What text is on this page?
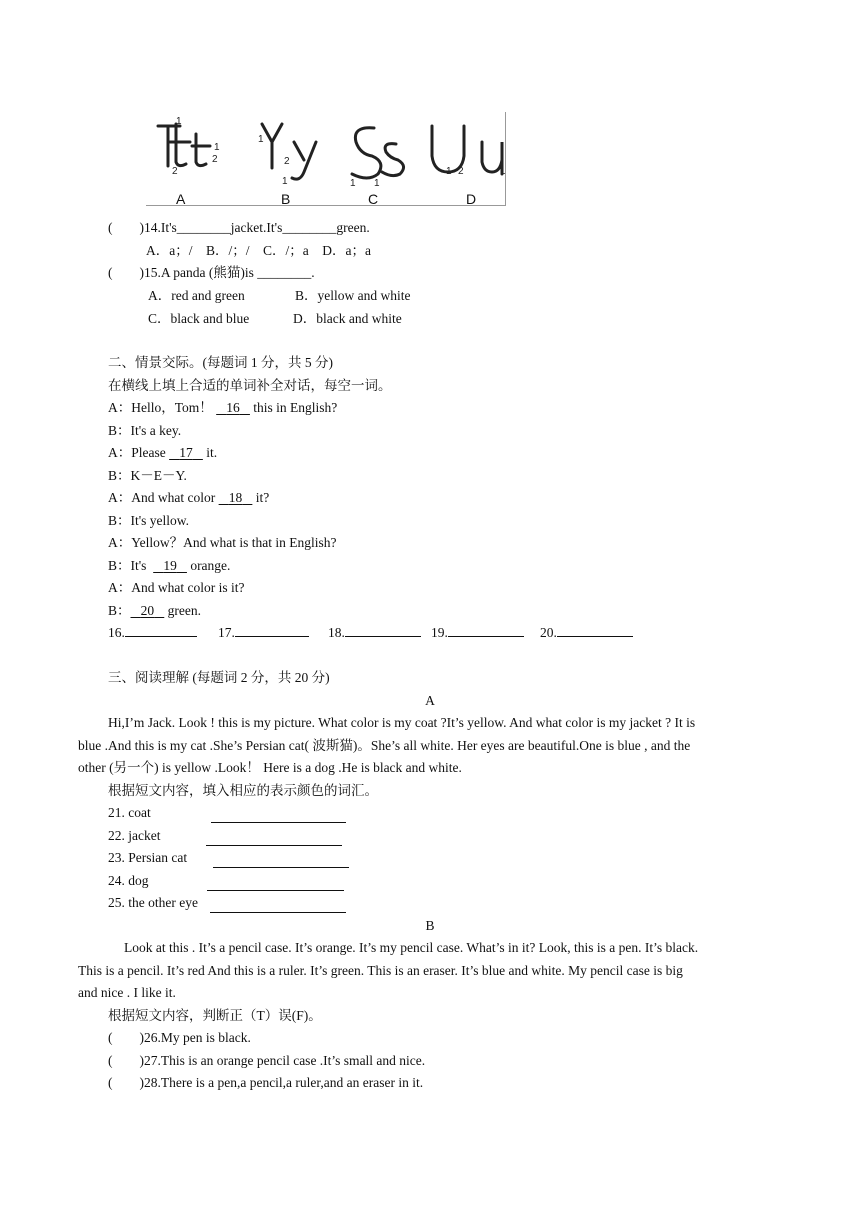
1
2
1
2
1
2
1	1 1
1 2	1
A	B	C	D
(　　)14.It's________jacket.It's________green.
A．a；/　B．/；/　C．/；a　D．a；a
(　　)15.A panda (熊猫)is ________.
A．red and green	B．yellow and white
C．black and blue	D．black and white
二、情景交际。(每题词 1 分，共 5 分)
在横线上填上合适的单词补全对话，每空一词。
A：Hello，Tom！ 16 this in English?
B：It's a key.
A：Please 17 it.
B：K－E－Y.
A：And what color 18 it?
B：It's yellow.
A：Yellow？And what is that in English?
B：It's 19 orange.
A：And what color is it?
B： 20 green.
16.	17.	18.	19.	20.
三、阅读理解 (每题词 2 分，共 20 分)
A
Hi,I’m Jack. Look ! this is my picture. What color is my coat ?It’s yellow. And what color is my jacket ? It is
blue .And this is my cat .She’s Persian cat( 波斯猫)。She’s all white. Her eyes are beautiful.One is blue , and the
other (另一个) is yellow .Look！ Here is a dog .He is black and white.
根据短文内容，填入相应的表示颜色的词汇。
21. coat
22. jacket
23. Persian cat
24. dog
25. the other eye
B
Look at this . It’s a pencil case. It’s orange. It’s my pencil case. What’s in it? Look, this is a pen. It’s black.
This is a pencil. It’s red And this is a ruler. It’s green. This is an eraser. It’s blue and white. My pencil case is big
and nice . I like it.
根据短文内容，判断正（T）误(F)。
(　　)26.My pen is black.
(　　)27.This is an orange pencil case .It’s small and nice.
(　　)28.There is a pen,a pencil,a ruler,and an eraser in it.
